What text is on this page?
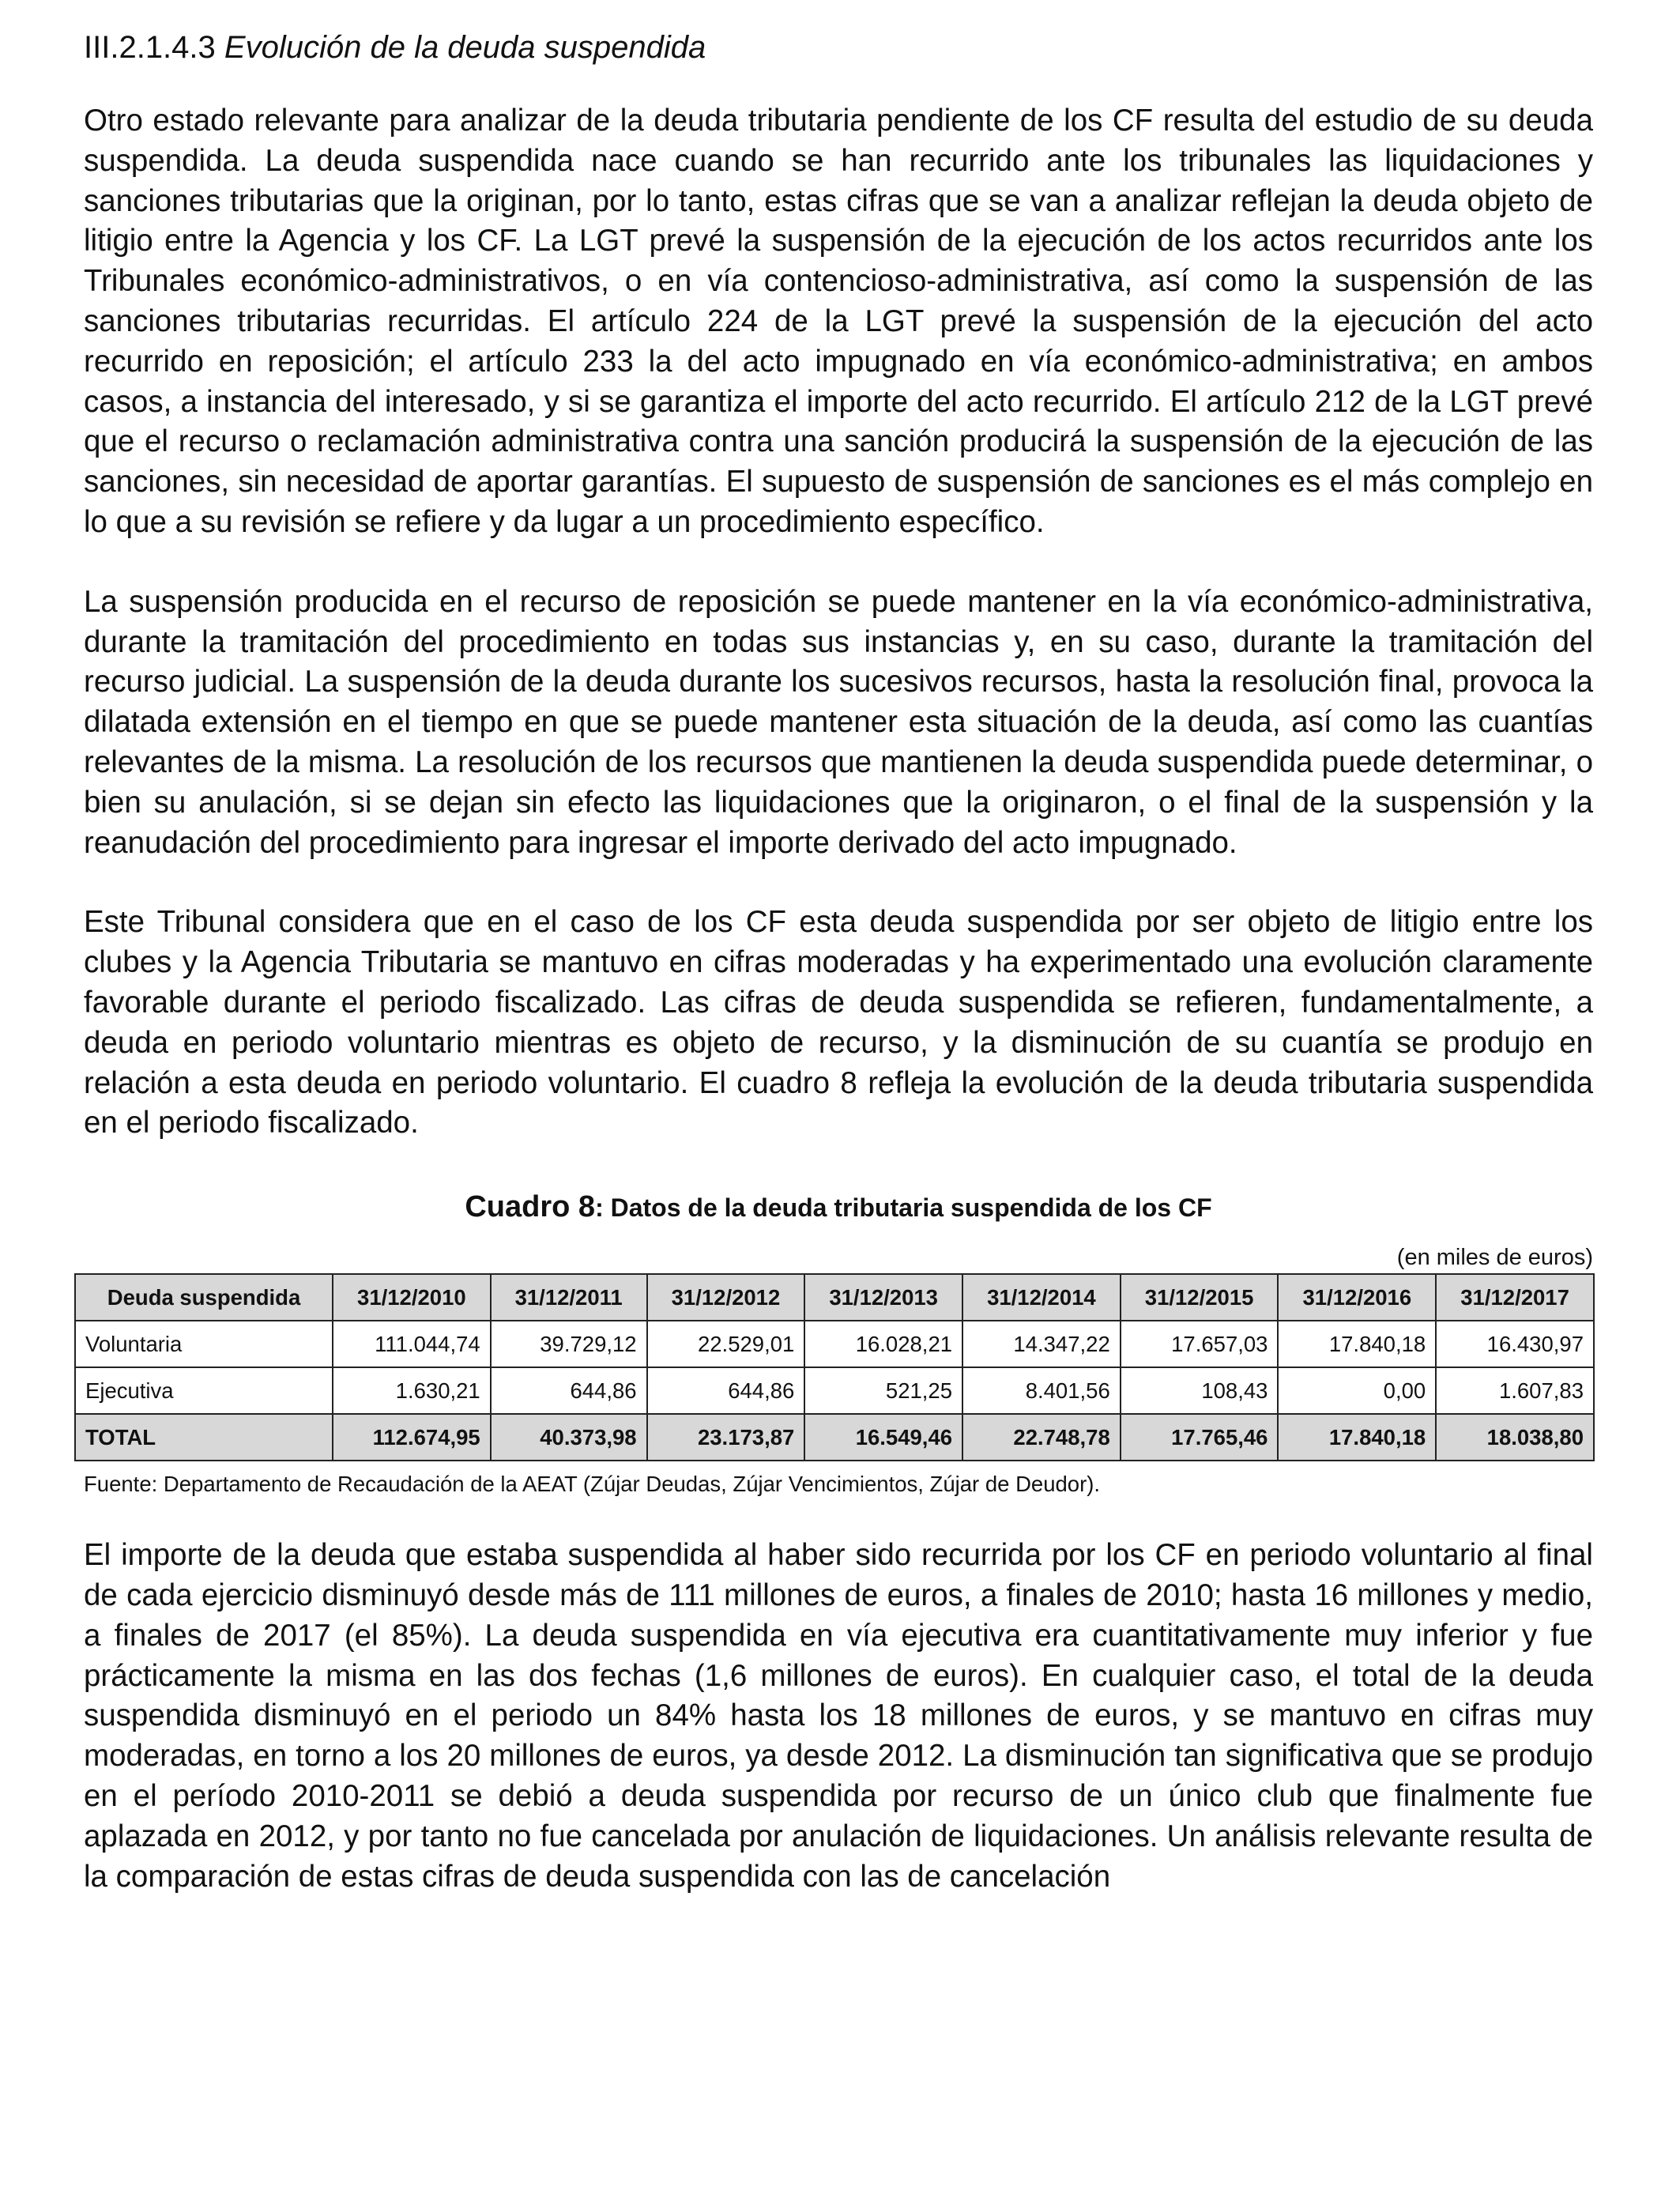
III.2.1.4.3 Evolución de la deuda suspendida

Otro estado relevante para analizar de la deuda tributaria pendiente de los CF resulta del estudio de su deuda suspendida. La deuda suspendida nace cuando se han recurrido ante los tribunales las liquidaciones y sanciones tributarias que la originan, por lo tanto, estas cifras que se van a analizar reflejan la deuda objeto de litigio entre la Agencia y los CF. La LGT prevé la suspensión de la ejecución de los actos recurridos ante los Tribunales económico-administrativos, o en vía contencioso-administrativa, así como la suspensión de las sanciones tributarias recurridas. El artículo 224 de la LGT prevé la suspensión de la ejecución del acto recurrido en reposición; el artículo 233 la del acto impugnado en vía económico-administrativa; en ambos casos, a instancia del interesado, y si se garantiza el importe del acto recurrido. El artículo 212 de la LGT prevé que el recurso o reclamación administrativa contra una sanción producirá la suspensión de la ejecución de las sanciones, sin necesidad de aportar garantías. El supuesto de suspensión de sanciones es el más complejo en lo que a su revisión se refiere y da lugar a un procedimiento específico.

La suspensión producida en el recurso de reposición se puede mantener en la vía económico-administrativa, durante la tramitación del procedimiento en todas sus instancias y, en su caso, durante la tramitación del recurso judicial. La suspensión de la deuda durante los sucesivos recursos, hasta la resolución final, provoca la dilatada extensión en el tiempo en que se puede mantener esta situación de la deuda, así como las cuantías relevantes de la misma. La resolución de los recursos que mantienen la deuda suspendida puede determinar, o bien su anulación, si se dejan sin efecto las liquidaciones que la originaron, o el final de la suspensión y la reanudación del procedimiento para ingresar el importe derivado del acto impugnado.

Este Tribunal considera que en el caso de los CF esta deuda suspendida por ser objeto de litigio entre los clubes y la Agencia Tributaria se mantuvo en cifras moderadas y ha experimentado una evolución claramente favorable durante el periodo fiscalizado. Las cifras de deuda suspendida se refieren, fundamentalmente, a deuda en periodo voluntario mientras es objeto de recurso, y la disminución de su cuantía se produjo en relación a esta deuda en periodo voluntario. El cuadro 8 refleja la evolución de la deuda tributaria suspendida en el periodo fiscalizado.

Cuadro 8: Datos de la deuda tributaria suspendida de los CF
(en miles de euros)
Deuda suspendida	31/12/2010	31/12/2011	31/12/2012	31/12/2013	31/12/2014	31/12/2015	31/12/2016	31/12/2017
Voluntaria	111.044,74	39.729,12	22.529,01	16.028,21	14.347,22	17.657,03	17.840,18	16.430,97
Ejecutiva	1.630,21	644,86	644,86	521,25	8.401,56	108,43	0,00	1.607,83
TOTAL	112.674,95	40.373,98	23.173,87	16.549,46	22.748,78	17.765,46	17.840,18	18.038,80
Fuente: Departamento de Recaudación de la AEAT (Zújar Deudas, Zújar Vencimientos, Zújar de Deudor).

El importe de la deuda que estaba suspendida al haber sido recurrida por los CF en periodo voluntario al final de cada ejercicio disminuyó desde más de 111 millones de euros, a finales de 2010; hasta 16 millones y medio, a finales de 2017 (el 85%). La deuda suspendida en vía ejecutiva era cuantitativamente muy inferior y fue prácticamente la misma en las dos fechas (1,6 millones de euros). En cualquier caso, el total de la deuda suspendida disminuyó en el periodo un 84% hasta los 18 millones de euros, y se mantuvo en cifras muy moderadas, en torno a los 20 millones de euros, ya desde 2012. La disminución tan significativa que se produjo en el período 2010-2011 se debió a deuda suspendida por recurso de un único club que finalmente fue aplazada en 2012, y por tanto no fue cancelada por anulación de liquidaciones. Un análisis relevante resulta de la comparación de estas cifras de deuda suspendida con las de cancelación
